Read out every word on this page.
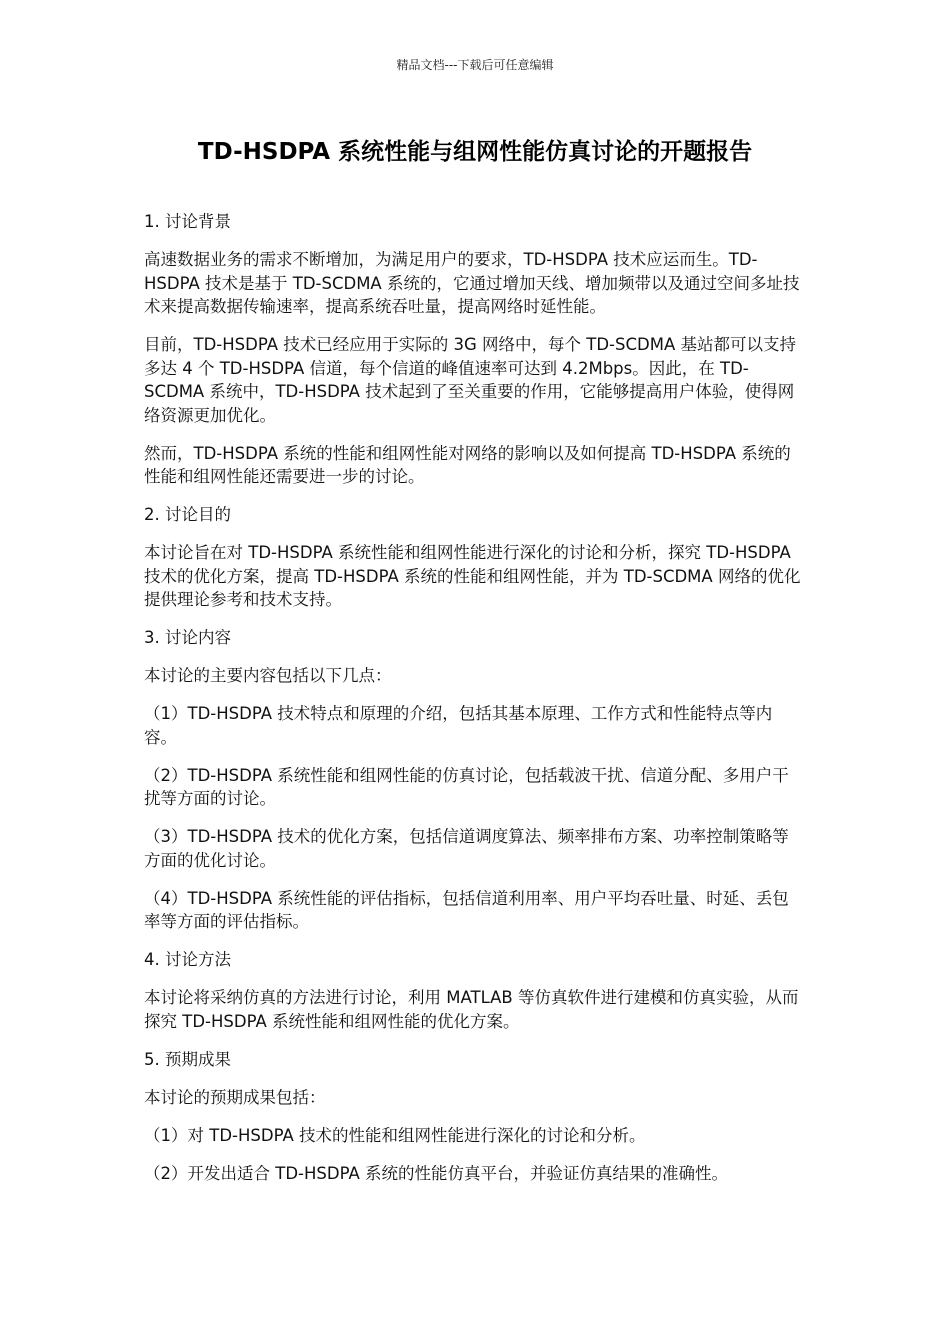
精品文档---下载后可任意编辑
TD-HSDPA 系统性能与组网性能仿真讨论的开题报告
1. 讨论背景

高速数据业务的需求不断增加，为满足用户的要求，TD-HSDPA 技术应运而生。TD-HSDPA 技术是基于 TD-SCDMA 系统的，它通过增加天线、增加频带以及通过空间多址技术来提高数据传输速率，提高系统吞吐量，提高网络时延性能。

目前，TD-HSDPA 技术已经应用于实际的 3G 网络中，每个 TD-SCDMA 基站都可以支持多达 4 个 TD-HSDPA 信道，每个信道的峰值速率可达到 4.2Mbps。因此，在 TD-SCDMA 系统中，TD-HSDPA 技术起到了至关重要的作用，它能够提高用户体验，使得网络资源更加优化。

然而，TD-HSDPA 系统的性能和组网性能对网络的影响以及如何提高 TD-HSDPA 系统的性能和组网性能还需要进一步的讨论。

2. 讨论目的

本讨论旨在对 TD-HSDPA 系统性能和组网性能进行深化的讨论和分析，探究 TD-HSDPA 技术的优化方案，提高 TD-HSDPA 系统的性能和组网性能，并为 TD-SCDMA 网络的优化提供理论参考和技术支持。

3. 讨论内容

本讨论的主要内容包括以下几点：

（1）TD-HSDPA 技术特点和原理的介绍，包括其基本原理、工作方式和性能特点等内容。

（2）TD-HSDPA 系统性能和组网性能的仿真讨论，包括载波干扰、信道分配、多用户干扰等方面的讨论。

（3）TD-HSDPA 技术的优化方案，包括信道调度算法、频率排布方案、功率控制策略等方面的优化讨论。

（4）TD-HSDPA 系统性能的评估指标，包括信道利用率、用户平均吞吐量、时延、丢包率等方面的评估指标。

4. 讨论方法

本讨论将采纳仿真的方法进行讨论，利用 MATLAB 等仿真软件进行建模和仿真实验，从而探究 TD-HSDPA 系统性能和组网性能的优化方案。

5. 预期成果

本讨论的预期成果包括：

（1）对 TD-HSDPA 技术的性能和组网性能进行深化的讨论和分析。

（2）开发出适合 TD-HSDPA 系统的性能仿真平台，并验证仿真结果的准确性。
